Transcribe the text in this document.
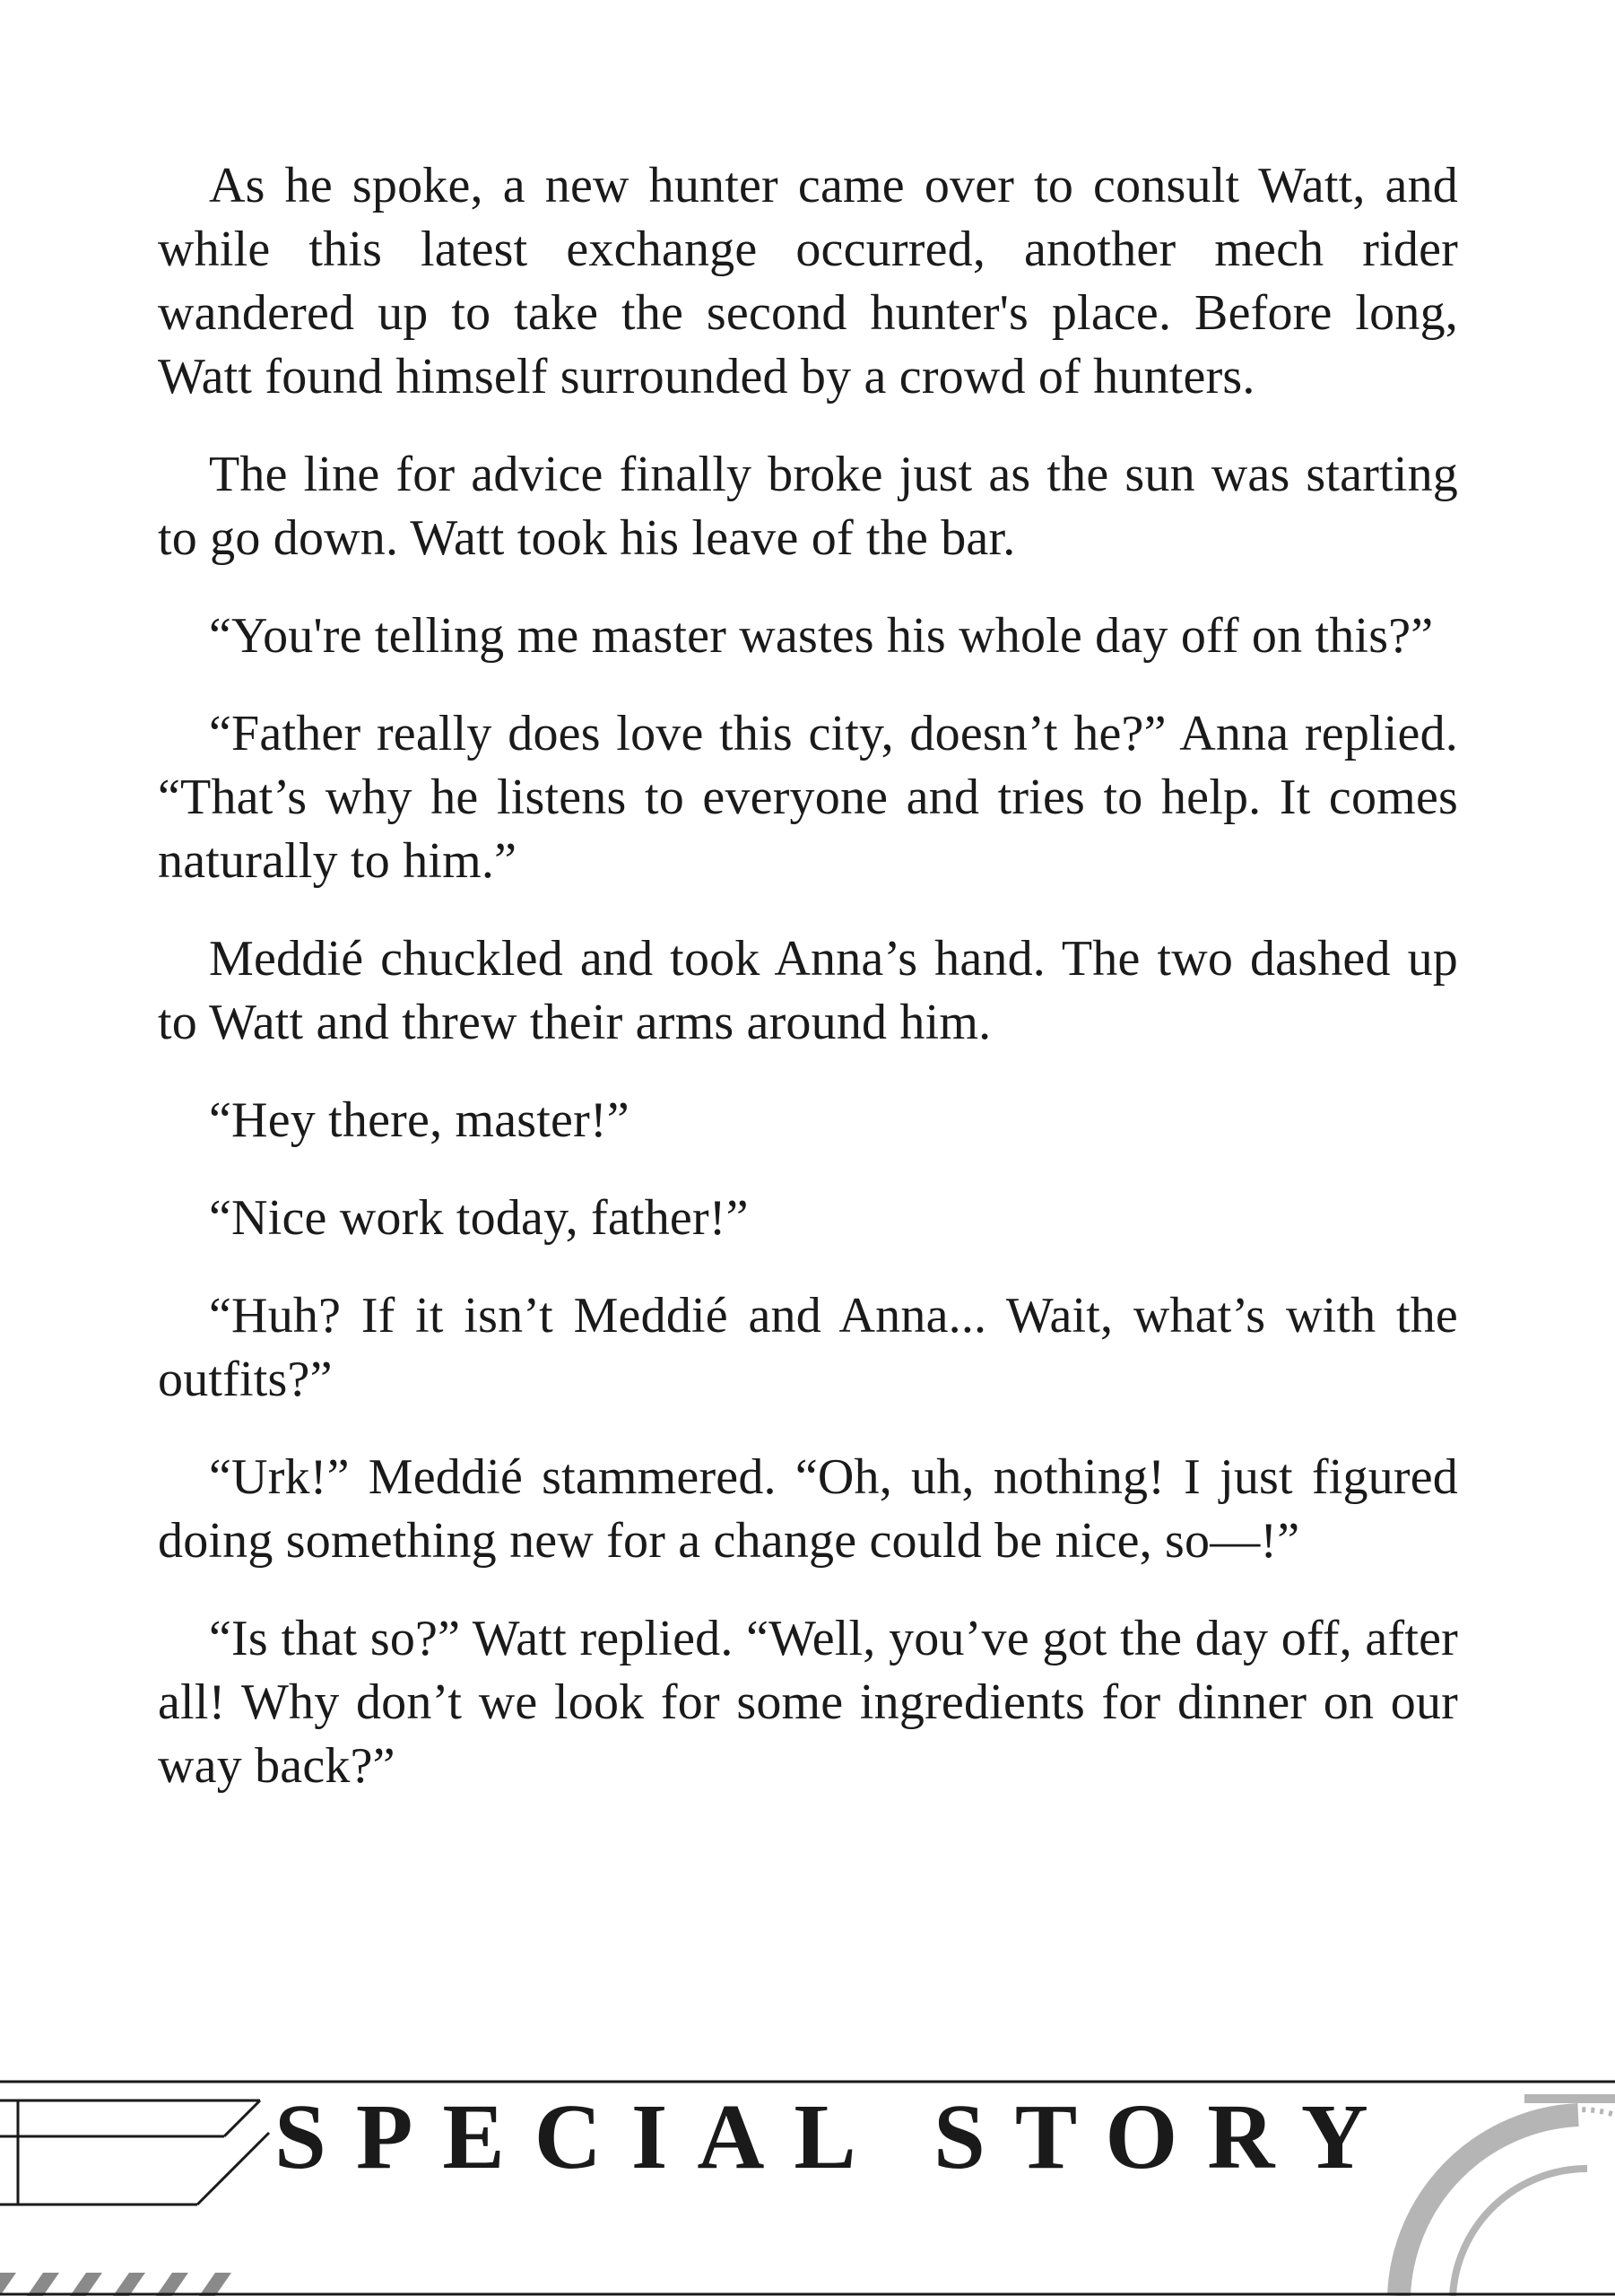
As he spoke, a new hunter came over to consult Watt, and while this latest exchange occurred, another mech rider wandered up to take the second hunter's place. Before long, Watt found himself surrounded by a crowd of hunters.

The line for advice finally broke just as the sun was starting to go down. Watt took his leave of the bar.

“You're telling me master wastes his whole day off on this?”

“Father really does love this city, doesn’t he?” Anna replied. “That’s why he listens to everyone and tries to help. It comes naturally to him.”

Meddié chuckled and took Anna’s hand. The two dashed up to Watt and threw their arms around him.

“Hey there, master!”

“Nice work today, father!”

“Huh? If it isn’t Meddié and Anna... Wait, what’s with the outfits?”

“Urk!” Meddié stammered. “Oh, uh, nothing! I just figured doing something new for a change could be nice, so—!”

“Is that so?” Watt replied. “Well, you’ve got the day off, after all! Why don’t we look for some ingredients for dinner on our way back?”

SPECIAL STORY
